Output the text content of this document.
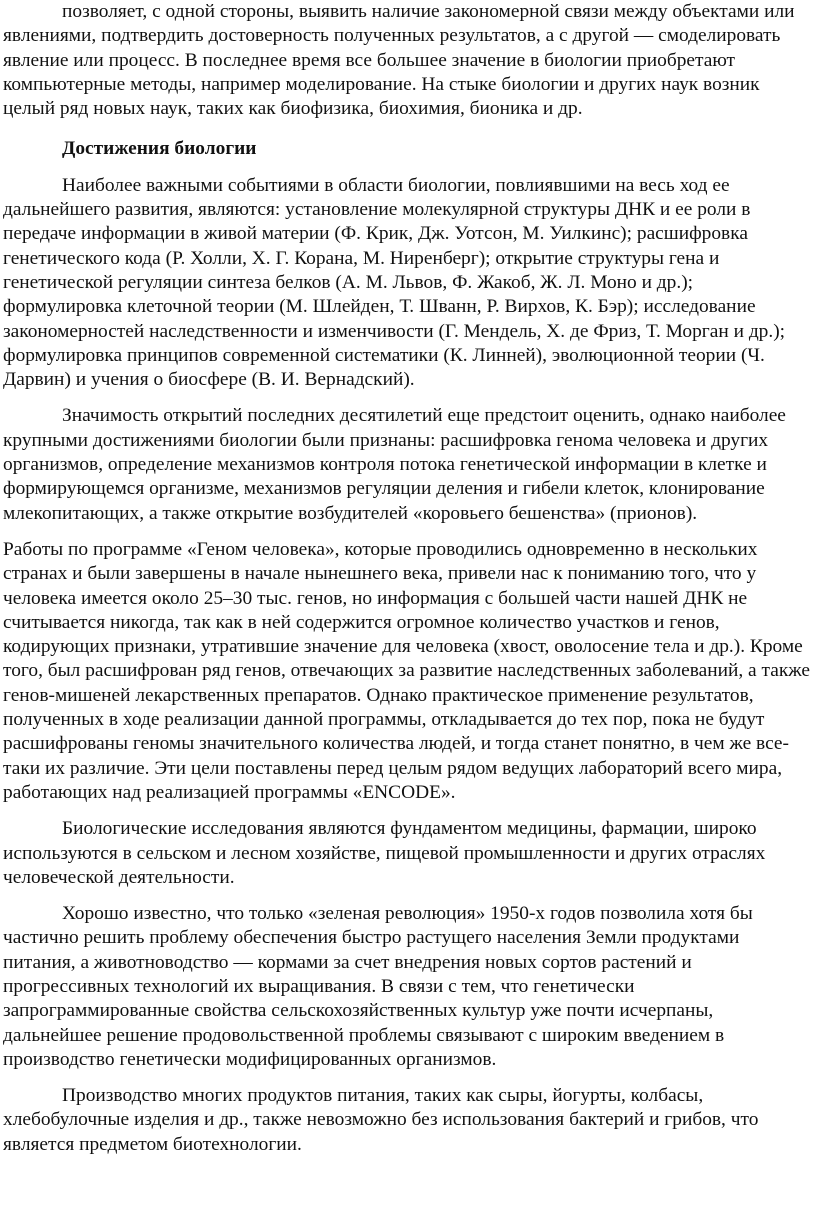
позволяет, с одной стороны, выявить наличие закономерной связи между объектами или явлениями, подтвердить достоверность полученных результатов, а с другой — смоделировать явление или процесс. В последнее время все большее значение в биологии приобретают компьютерные методы, например моделирование. На стыке биологии и других наук возник целый ряд новых наук, таких как биофизика, биохимия, бионика и др.

Достижения биологии

Наиболее важными событиями в области биологии, повлиявшими на весь ход ее дальнейшего развития, являются: установление молекулярной структуры ДНК и ее роли в передаче информации в живой материи (Ф. Крик, Дж. Уотсон, М. Уилкинс); расшифровка генетического кода (Р. Холли, Х. Г. Корана, М. Ниренберг); открытие структуры гена и генетической регуляции синтеза белков (А. М. Львов, Ф. Жакоб, Ж. Л. Моно и др.); формулировка клеточной теории (М. Шлейден, Т. Шванн, Р. Вирхов, К. Бэр); исследование закономерностей наследственности и изменчивости (Г. Мендель, Х. де Фриз, Т. Морган и др.); формулировка принципов современной систематики (К. Линней), эволюционной теории (Ч. Дарвин) и учения о биосфере (В. И. Вернадский).

Значимость открытий последних десятилетий еще предстоит оценить, однако наиболее крупными достижениями биологии были признаны: расшифровка генома человека и других организмов, определение механизмов контроля потока генетической информации в клетке и формирующемся организме, механизмов регуляции деления и гибели клеток, клонирование млекопитающих, а также открытие возбудителей «коровьего бешенства» (прионов).

Работы по программе «Геном человека», которые проводились одновременно в нескольких странах и были завершены в начале нынешнего века, привели нас к пониманию того, что у человека имеется около 25–30 тыс. генов, но информация с большей части нашей ДНК не считывается никогда, так как в ней содержится огромное количество участков и генов, кодирующих признаки, утратившие значение для человека (хвост, оволосение тела и др.). Кроме того, был расшифрован ряд генов, отвечающих за развитие наследственных заболеваний, а также генов-мишеней лекарственных препаратов. Однако практическое применение результатов, полученных в ходе реализации данной программы, откладывается до тех пор, пока не будут расшифрованы геномы значительного количества людей, и тогда станет понятно, в чем же все-таки их различие. Эти цели поставлены перед целым рядом ведущих лабораторий всего мира, работающих над реализацией программы «ENCODE».

Биологические исследования являются фундаментом медицины, фармации, широко используются в сельском и лесном хозяйстве, пищевой промышленности и других отраслях человеческой деятельности.

Хорошо известно, что только «зеленая революция» 1950-х годов позволила хотя бы частично решить проблему обеспечения быстро растущего населения Земли продуктами питания, а животноводство — кормами за счет внедрения новых сортов растений и прогрессивных технологий их выращивания. В связи с тем, что генетически запрограммированные свойства сельскохозяйственных культур уже почти исчерпаны, дальнейшее решение продовольственной проблемы связывают с широким введением в производство генетически модифицированных организмов.

Производство многих продуктов питания, таких как сыры, йогурты, колбасы, хлебобулочные изделия и др., также невозможно без использования бактерий и грибов, что является предметом биотехнологии.
